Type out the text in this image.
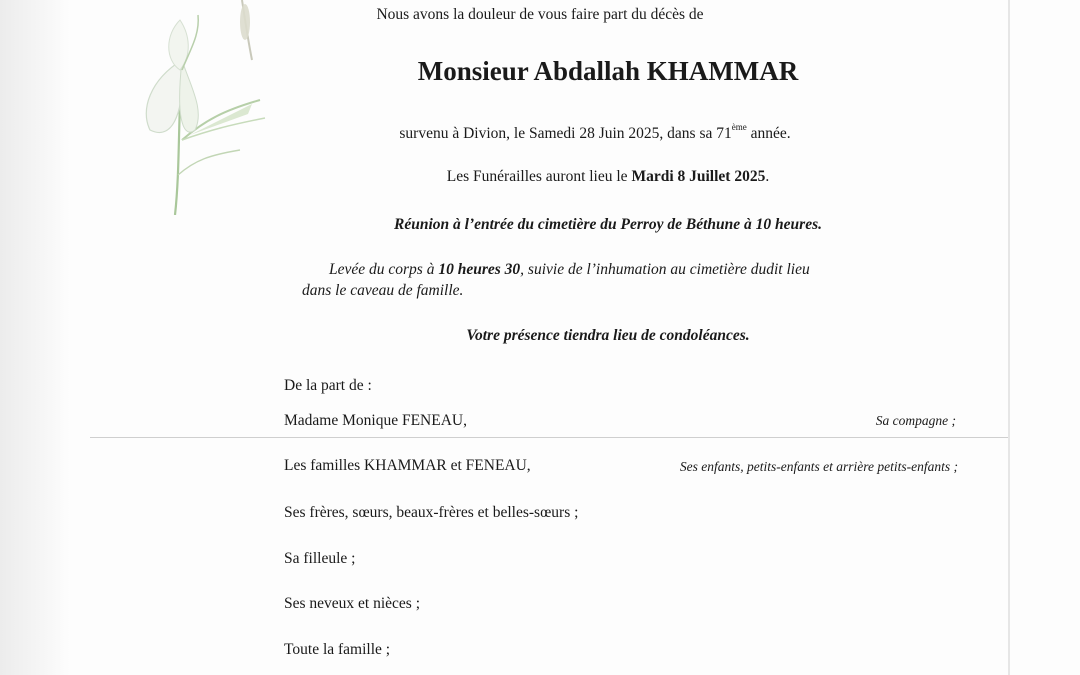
Nous avons la douleur de vous faire part du décès de
Monsieur Abdallah KHAMMAR
survenu à Divion, le Samedi 28 Juin 2025, dans sa 71ème année.
Les Funérailles auront lieu le Mardi 8 Juillet 2025.
Réunion à l’entrée du cimetière du Perroy de Béthune à 10 heures.
Levée du corps à 10 heures 30, suivie de l’inhumation au cimetière dudit lieu
dans le caveau de famille.
Votre présence tiendra lieu de condoléances.
De la part de :
Madame Monique FENEAU,	Sa compagne ;
Les familles KHAMMAR et FENEAU,	Ses enfants, petits-enfants et arrière petits-enfants ;
Ses frères, sœurs, beaux-frères et belles-sœurs ;
Sa filleule ;
Ses neveux et nièces ;
Toute la famille ;
